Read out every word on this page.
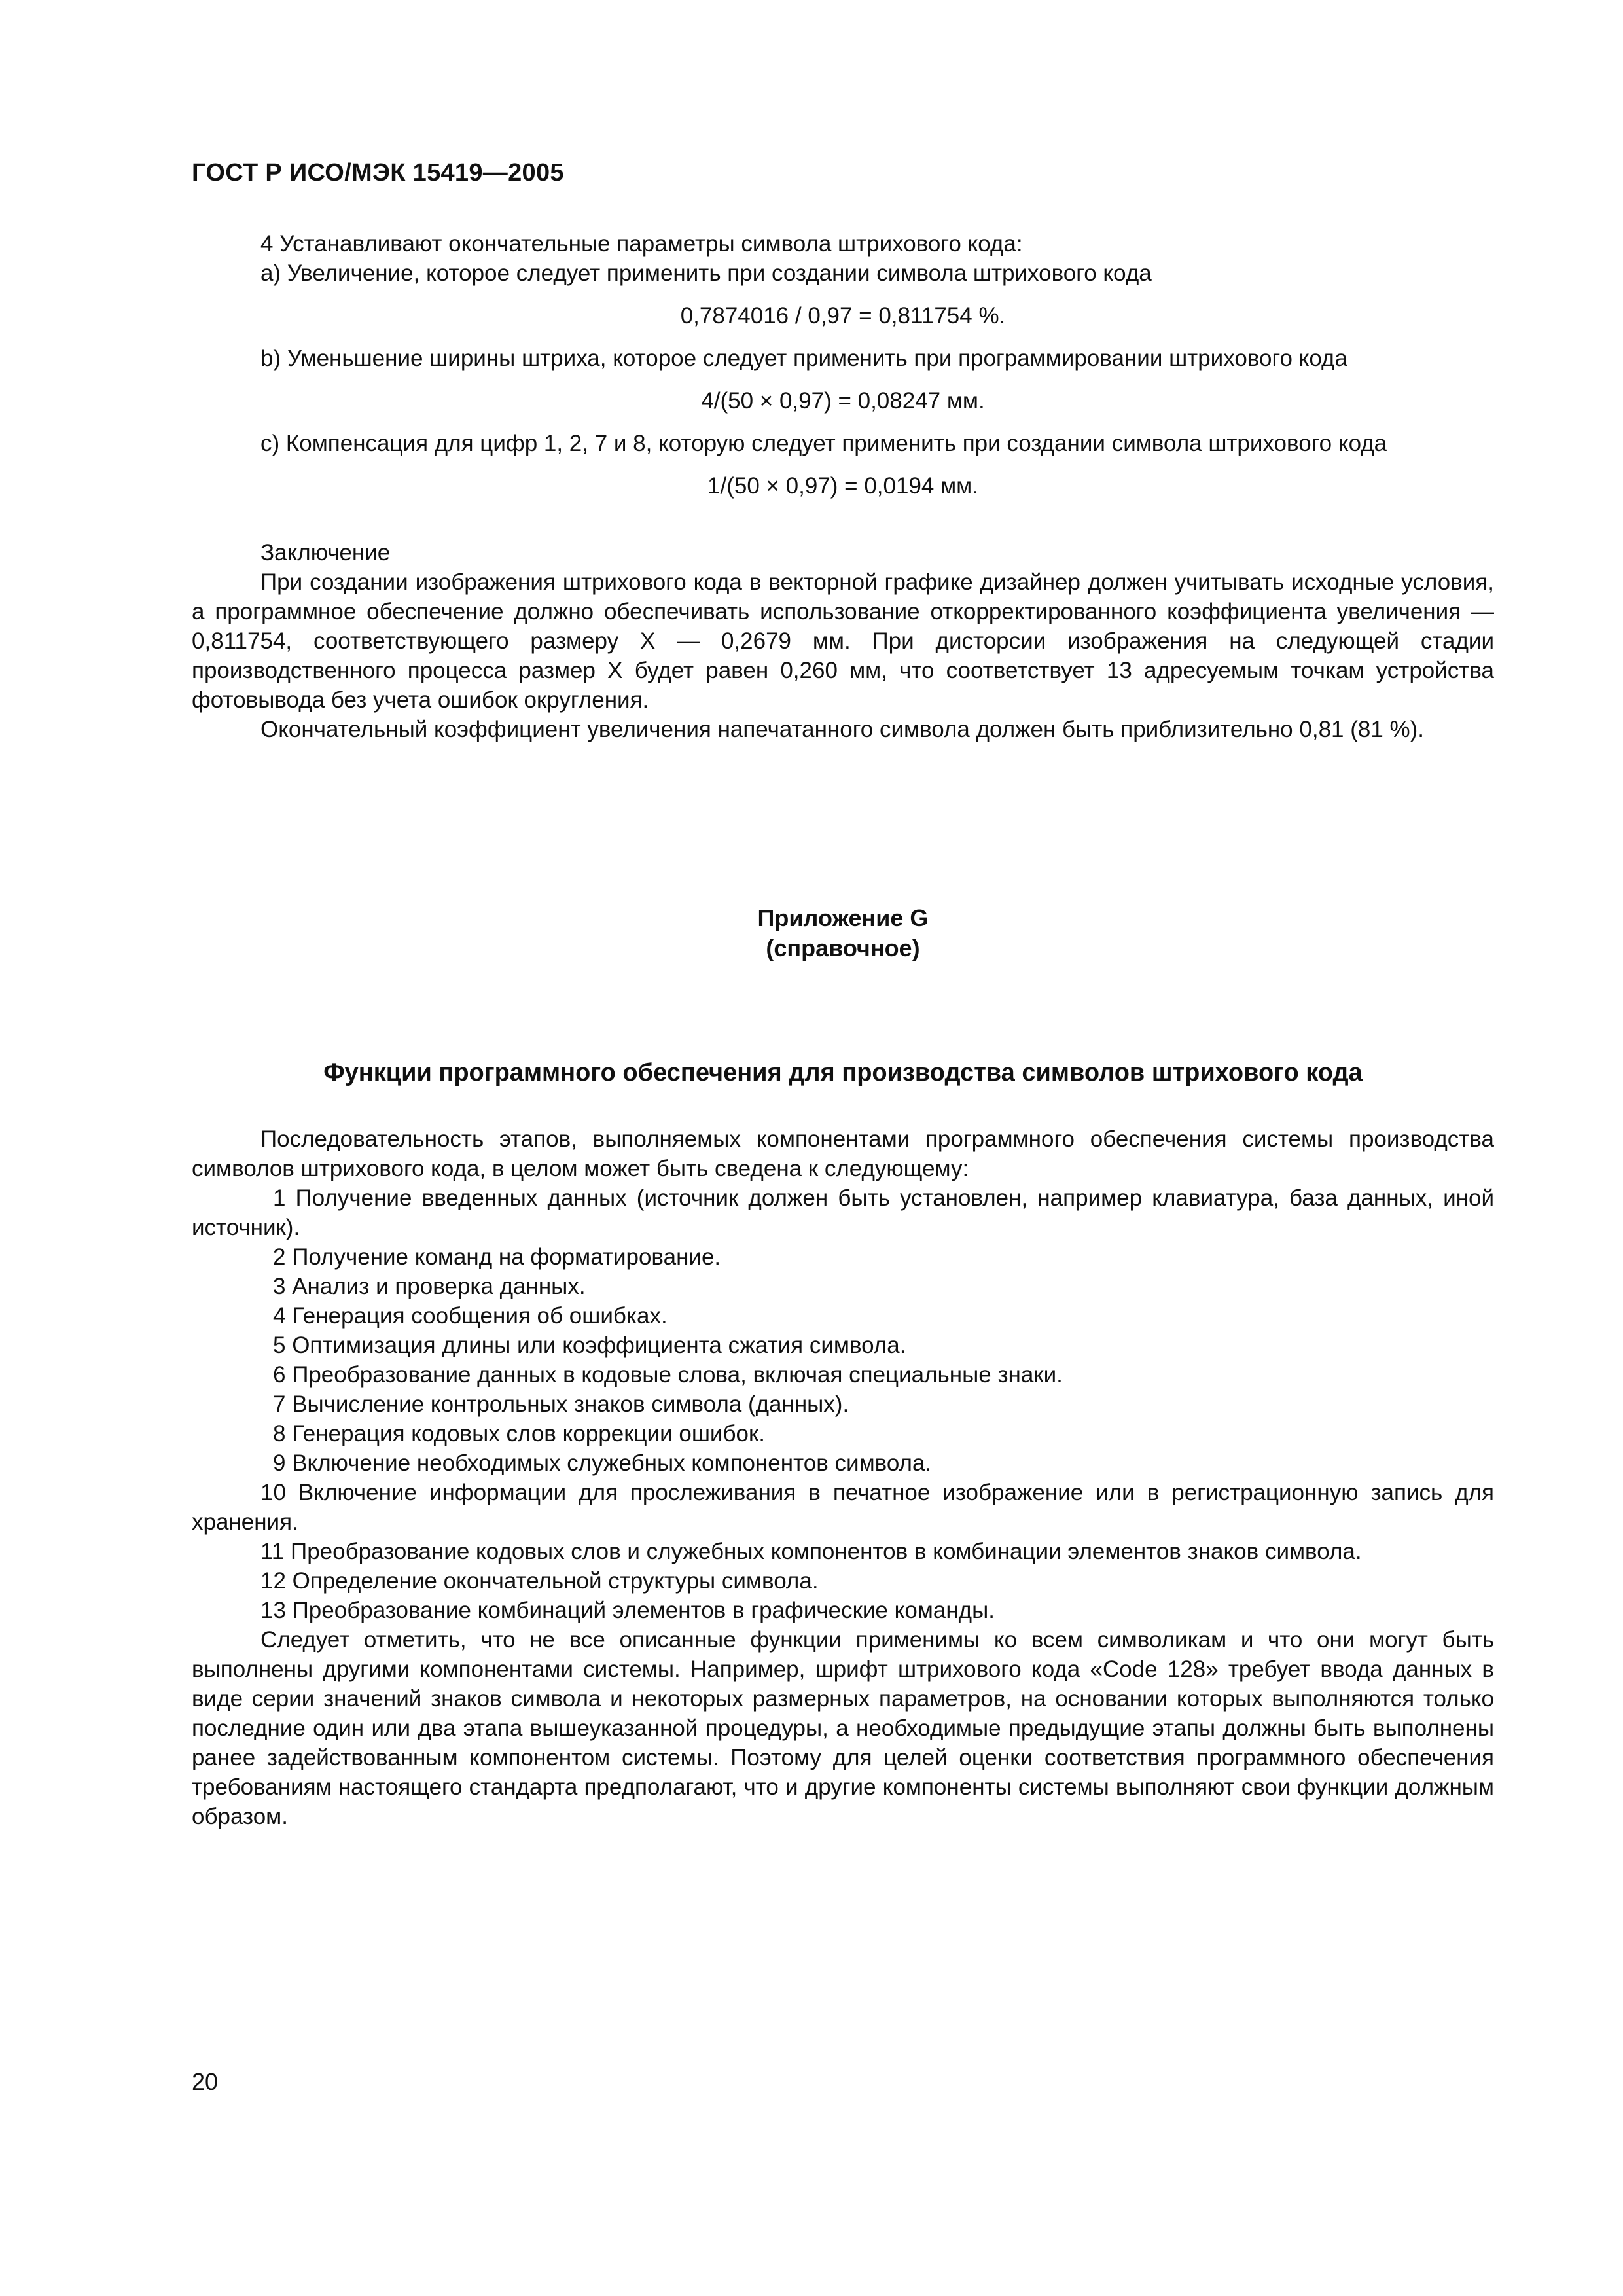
ГОСТ Р ИСО/МЭК 15419—2005

4 Устанавливают окончательные параметры символа штрихового кода:

a) Увеличение, которое следует применить при создании символа штрихового кода

0,7874016 / 0,97 = 0,811754 %.

b) Уменьшение ширины штриха, которое следует применить при программировании штрихового кода

4/(50 × 0,97) = 0,08247 мм.

c) Компенсация для цифр 1, 2, 7 и 8, которую следует применить при создании символа штрихового кода

1/(50 × 0,97) = 0,0194 мм.

Заключение

При создании изображения штрихового кода в векторной графике дизайнер должен учитывать исходные условия, а программное обеспечение должно обеспечивать использование откорректированного коэффициента увеличения — 0,811754, соответствующего размеру X — 0,2679 мм. При дисторсии изображения на следующей стадии производственного процесса размер X будет равен 0,260 мм, что соответствует 13 адресуемым точкам устройства фотовывода без учета ошибок округления.

Окончательный коэффициент увеличения напечатанного символа должен быть приблизительно 0,81 (81 %).

Приложение G
(справочное)
Функции программного обеспечения для производства символов штрихового кода

Последовательность этапов, выполняемых компонентами программного обеспечения системы производства символов штрихового кода, в целом может быть сведена к следующему:

1 Получение введенных данных (источник должен быть установлен, например клавиатура, база данных, иной источник).

2 Получение команд на форматирование.

3 Анализ и проверка данных.

4 Генерация сообщения об ошибках.

5 Оптимизация длины или коэффициента сжатия символа.

6 Преобразование данных в кодовые слова, включая специальные знаки.

7 Вычисление контрольных знаков символа (данных).

8 Генерация кодовых слов коррекции ошибок.

9 Включение необходимых служебных компонентов символа.

10 Включение информации для прослеживания в печатное изображение или в регистрационную запись для хранения.

11 Преобразование кодовых слов и служебных компонентов в комбинации элементов знаков символа.

12 Определение окончательной структуры символа.

13 Преобразование комбинаций элементов в графические команды.

Следует отметить, что не все описанные функции применимы ко всем символикам и что они могут быть выполнены другими компонентами системы. Например, шрифт штрихового кода «Code 128» требует ввода данных в виде серии значений знаков символа и некоторых размерных параметров, на основании которых выполняются только последние один или два этапа вышеуказанной процедуры, а необходимые предыдущие этапы должны быть выполнены ранее задействованным компонентом системы. Поэтому для целей оценки соответствия программного обеспечения требованиям настоящего стандарта предполагают, что и другие компоненты системы выполняют свои функции должным образом.

20
